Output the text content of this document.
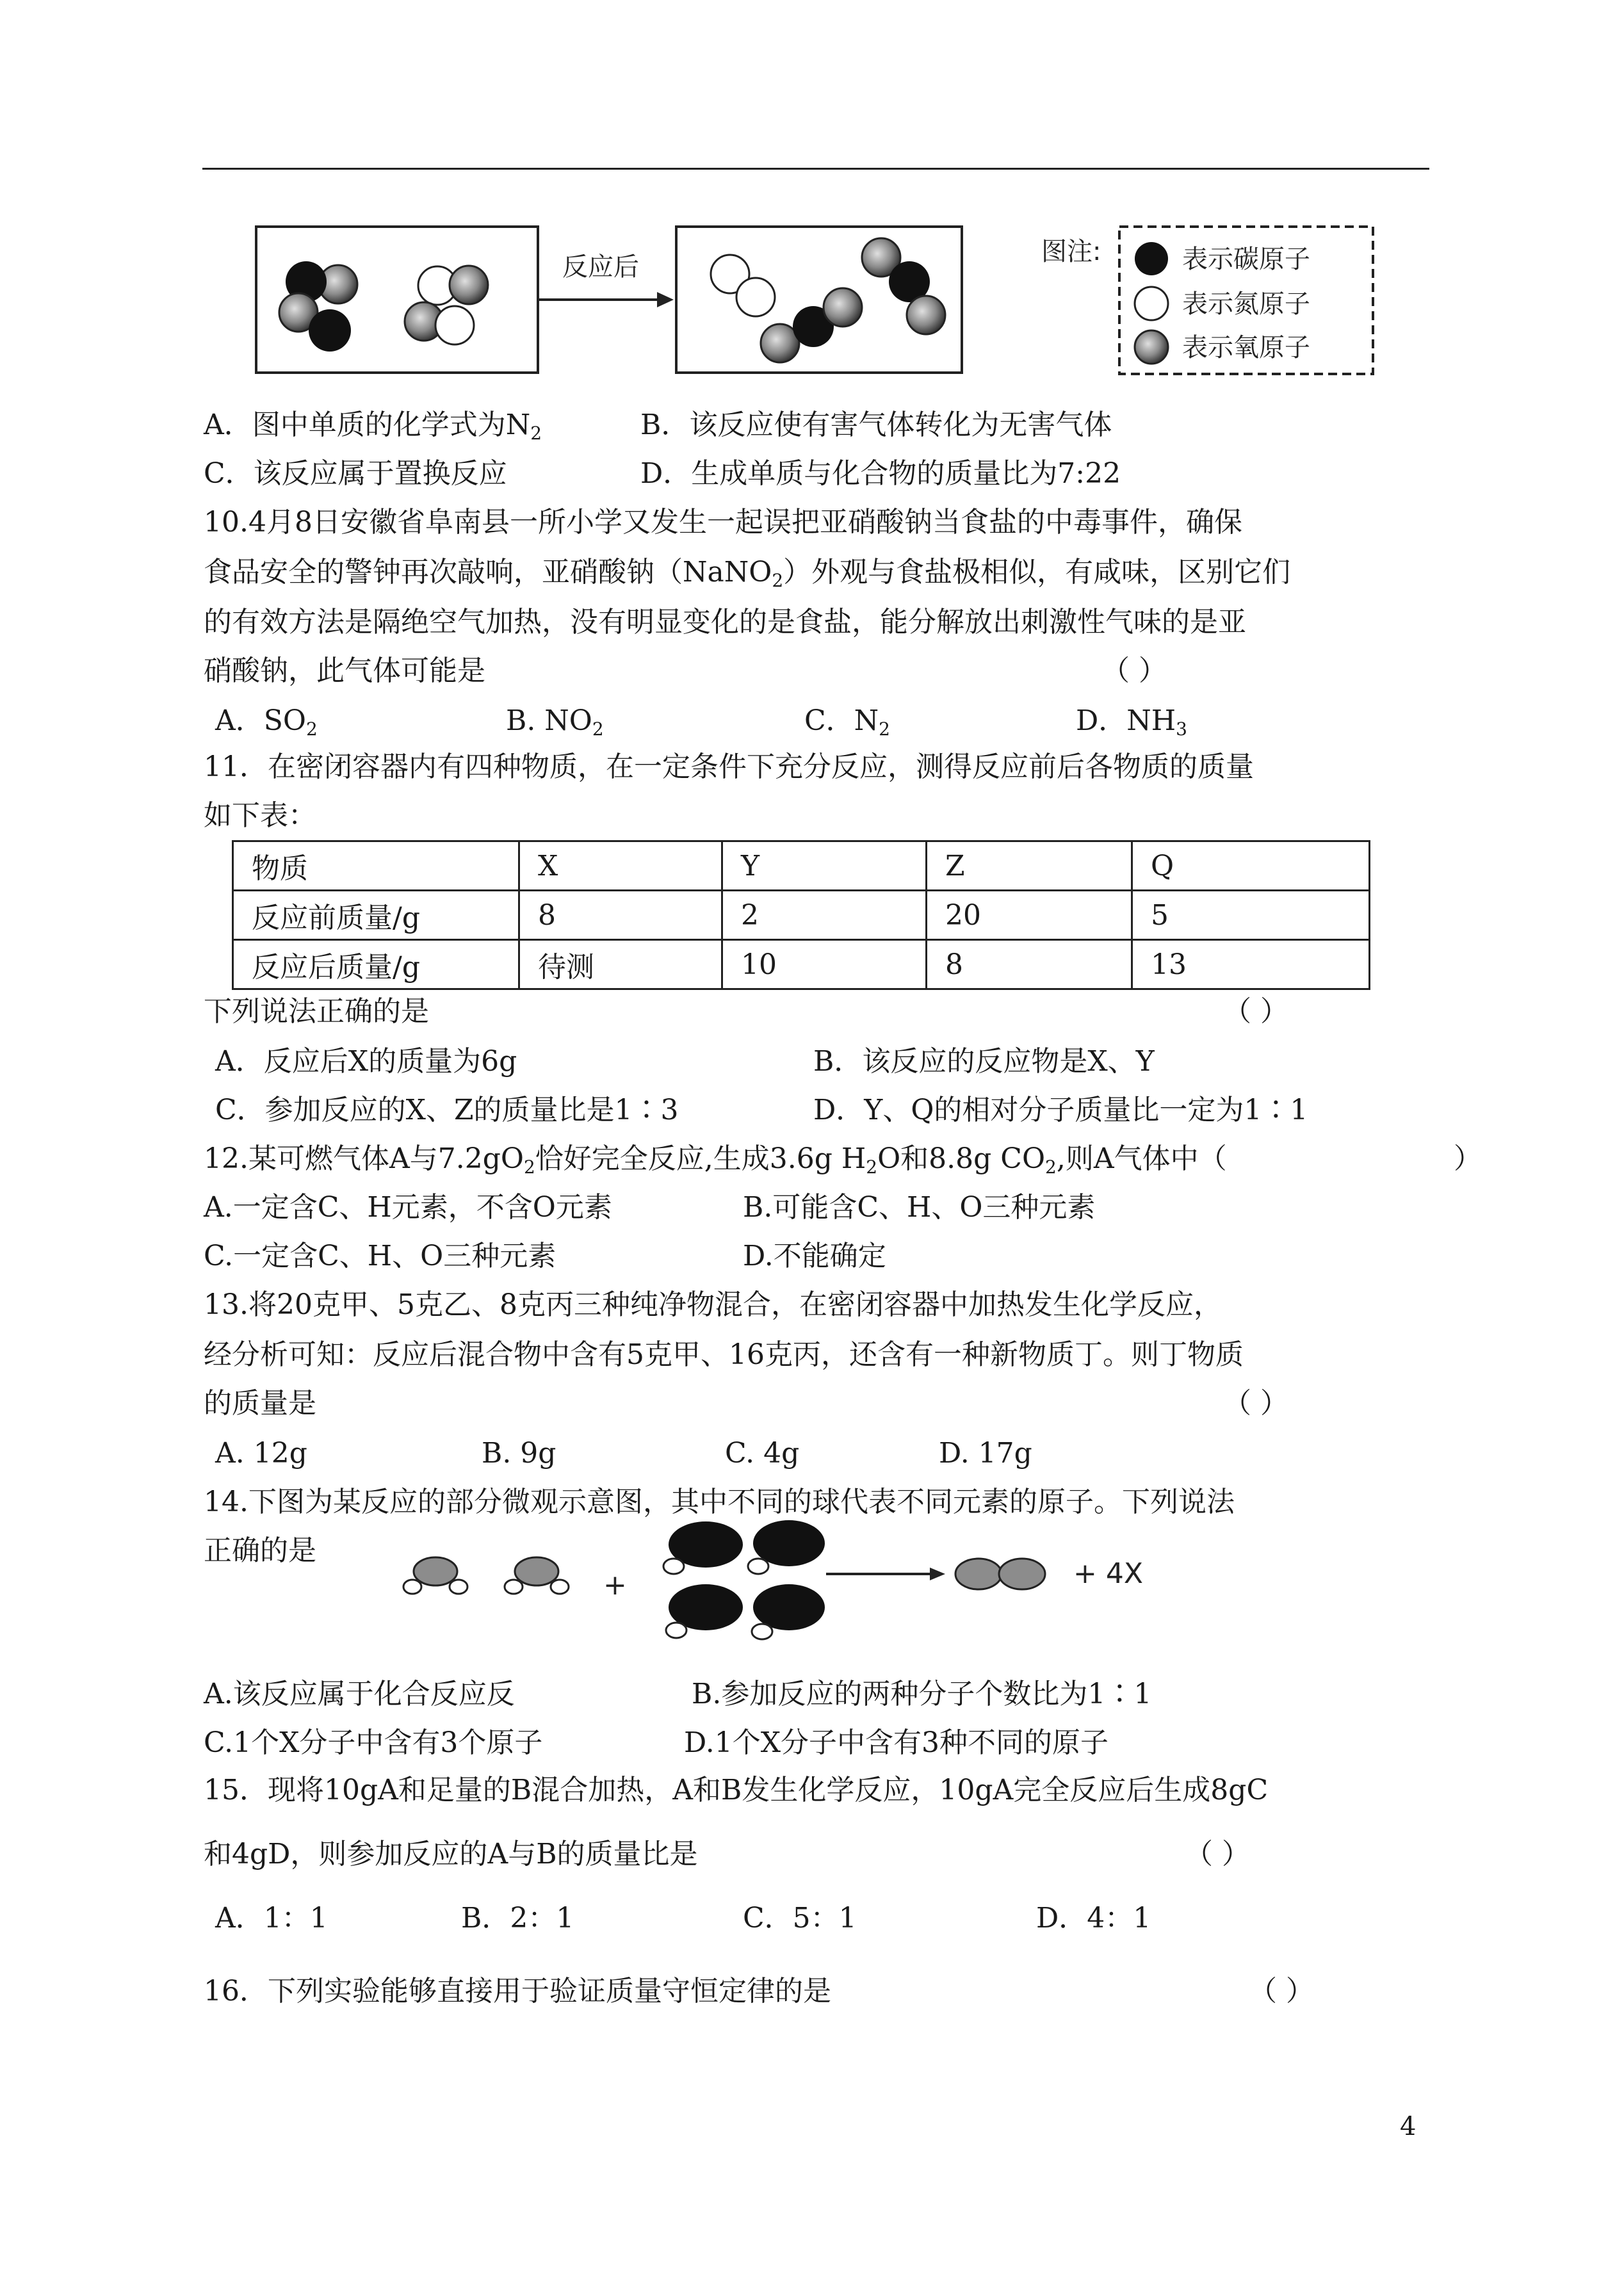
反应后
图注:	表示碳原子
表示氮原子
表示氧原子
A．图中单质的化学式为$N_2$	B．该反应使有害气体转化为无害气体
C．该反应属于置换反应	D．生成单质与化合物的质量比为7:22
10.4月8日安徽省阜南县一所小学又发生一起误把亚硝酸钠当食盐的中毒事件，确保
食品安全的警钟再次敲响，亚硝酸钠（NaNO$_2$）外观与食盐极相似，有咸味，区别它们
的有效方法是隔绝空气加热，没有明显变化的是食盐，能分解放出刺激性气味的是亚
硝酸钠，此气体可能是	（ ）
A．$SO_2$	B. $NO_2$	C．$N_2$	D．$NH_3$
11．在密闭容器内有四种物质，在一定条件下充分反应，测得反应前后各物质的质量
如下表：
物质	X	Y	Z	Q
反应前质量/g	8	2	20	5
反应后质量/g	待测	10	8	13
下列说法正确的是	（ ）
A．反应后X的质量为6g	B．该反应的反应物是X、Y
C．参加反应的X、Z的质量比是1∶3	D．Y、Q的相对分子质量比一定为1∶1
12.某可燃气体A与$7.2gO_2$恰好完全反应,生成3.6g $H_2O$和8.8g $CO_2$,则A气体中（	）
A.一定含C、H元素，不含O元素	B.可能含C、H、O三种元素
C.一定含C、H、O三种元素	D.不能确定
13.将20克甲、5克乙、8克丙三种纯净物混合，在密闭容器中加热发生化学反应，
经分析可知：反应后混合物中含有5克甲、16克丙，还含有一种新物质丁。则丁物质
的质量是	（ ）
A. 12g	B. 9g	C. 4g	D. 17g
14.下图为某反应的部分微观示意图，其中不同的球代表不同元素的原子。下列说法
正确的是
+	+ 4X
A.该反应属于化合反应反	B.参加反应的两种分子个数比为1∶1
C.1个X分子中含有3个原子	D.1个X分子中含有3种不同的原子
15．现将10gA和足量的B混合加热，A和B发生化学反应，10gA完全反应后生成8gC
和4gD，则参加反应的A与B的质量比是	（ ）
A．1：1	B．2：1	C．5：1	D．4：1
16．下列实验能够直接用于验证质量守恒定律的是	（ ）
4
